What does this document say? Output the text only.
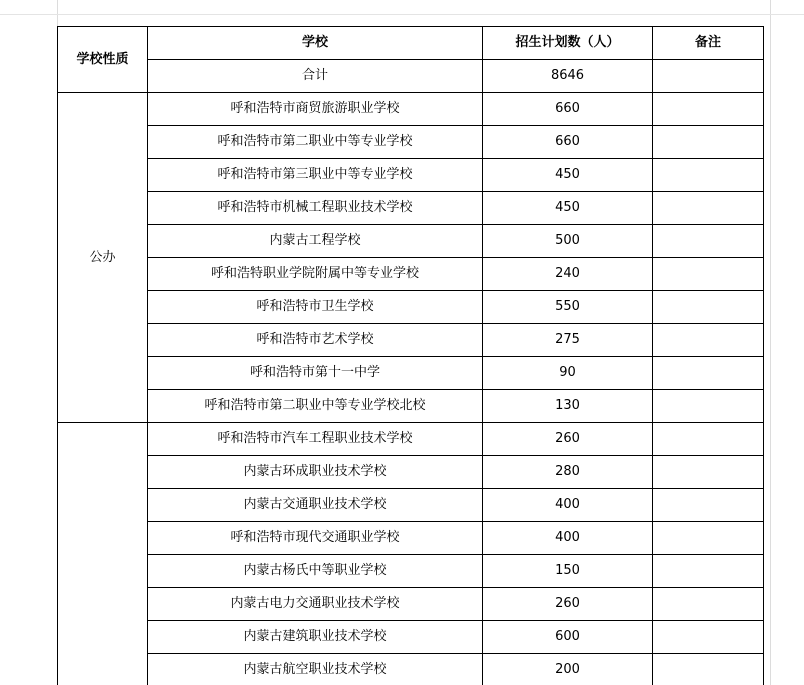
学校性质	学校	招生计划数（人）	备注
	合计	8646	
公办	呼和浩特市商贸旅游职业学校	660	
	呼和浩特市第二职业中等专业学校	660	
	呼和浩特市第三职业中等专业学校	450	
	呼和浩特市机械工程职业技术学校	450	
	内蒙古工程学校	500	
	呼和浩特职业学院附属中等专业学校	240	
	呼和浩特市卫生学校	550	
	呼和浩特市艺术学校	275	
	呼和浩特市第十一中学	90	
	呼和浩特市第二职业中等专业学校北校	130	
	呼和浩特市汽车工程职业技术学校	260	
	内蒙古环成职业技术学校	280	
	内蒙古交通职业技术学校	400	
	呼和浩特市现代交通职业学校	400	
	内蒙古杨氏中等职业学校	150	
	内蒙古电力交通职业技术学校	260	
	内蒙古建筑职业技术学校	600	
	内蒙古航空职业技术学校	200	
